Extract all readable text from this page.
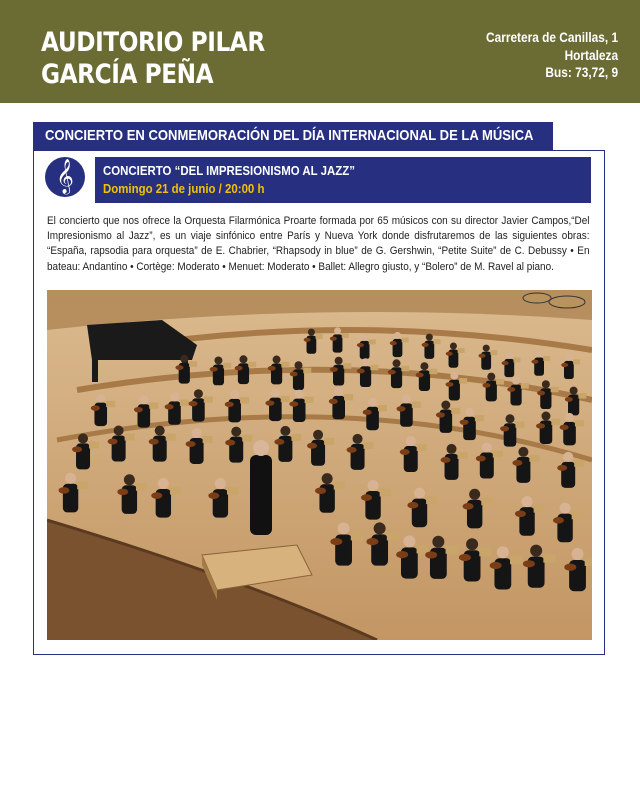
AUDITORIO PILAR
GARCÍA PEÑA
Carretera de Canillas, 1
Hortaleza
Bus: 73,72, 9
CONCIERTO EN CONMEMORACIÓN DEL DÍA INTERNACIONAL DE LA MÚSICA
𝄞	CONCIERTO “DEL IMPRESIONISMO AL JAZZ”
Domingo 21 de junio / 20:00 h
El concierto que nos ofrece la Orquesta Filarmónica Proarte formada por 65 músicos con su director Javier Campos,“Del Impresionismo al Jazz”, es un viaje sinfónico entre París y Nueva York donde disfrutaremos de las siguientes obras: “España, rapsodia para orquesta” de E. Chabrier, “Rhapsody in blue” de G. Gershwin, “Petite Suite” de C. Debussy • En bateau: Andantino • Cortège: Moderato • Menuet: Moderato • Ballet: Allegro giusto, y “Bolero” de M. Ravel al piano.
